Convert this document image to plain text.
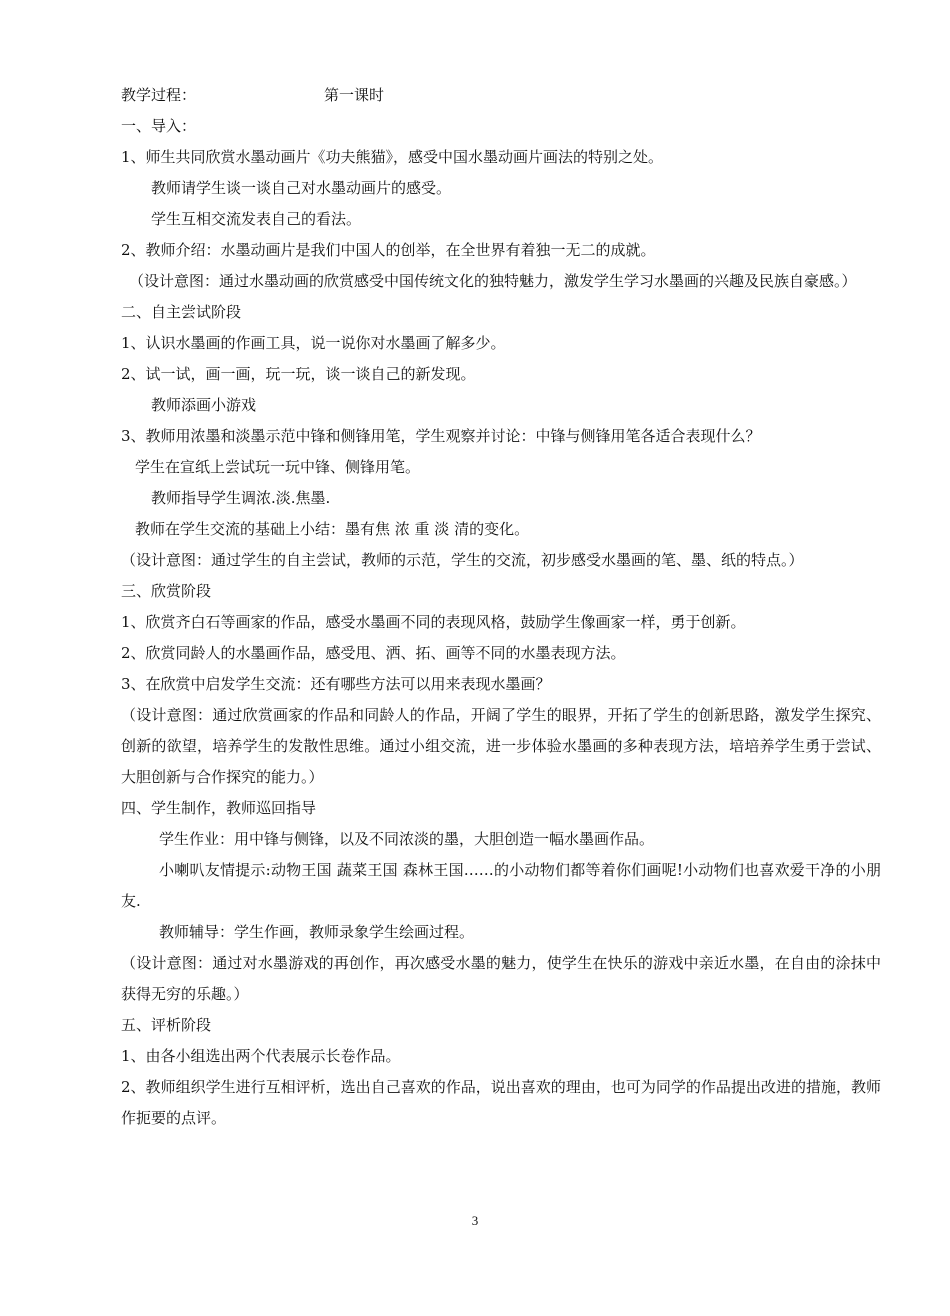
教学过程：	第一课时
一、导入：
1、师生共同欣赏水墨动画片《功夫熊猫》，感受中国水墨动画片画法的特别之处。
教师请学生谈一谈自己对水墨动画片的感受。
学生互相交流发表自己的看法。
2、教师介绍：水墨动画片是我们中国人的创举，在全世界有着独一无二的成就。
（设计意图：通过水墨动画的欣赏感受中国传统文化的独特魅力，激发学生学习水墨画的兴趣及民族自豪感。）
二、自主尝试阶段
1、认识水墨画的作画工具，说一说你对水墨画了解多少。
2、试一试，画一画，玩一玩，谈一谈自己的新发现。
教师添画小游戏
3、教师用浓墨和淡墨示范中锋和侧锋用笔，学生观察并讨论：中锋与侧锋用笔各适合表现什么？
学生在宣纸上尝试玩一玩中锋、侧锋用笔。
教师指导学生调浓.淡.焦墨.
教师在学生交流的基础上小结：墨有焦 浓 重 淡 清的变化。
（设计意图：通过学生的自主尝试，教师的示范，学生的交流，初步感受水墨画的笔、墨、纸的特点。）
三、欣赏阶段
1、欣赏齐白石等画家的作品，感受水墨画不同的表现风格，鼓励学生像画家一样，勇于创新。
2、欣赏同龄人的水墨画作品，感受甩、洒、拓、画等不同的水墨表现方法。
3、在欣赏中启发学生交流：还有哪些方法可以用来表现水墨画？
（设计意图：通过欣赏画家的作品和同龄人的作品，开阔了学生的眼界，开拓了学生的创新思路，激发学生探究、创新的欲望，培养学生的发散性思维。通过小组交流，进一步体验水墨画的多种表现方法，培培养学生勇于尝试、大胆创新与合作探究的能力。）
四、学生制作，教师巡回指导
学生作业：用中锋与侧锋，以及不同浓淡的墨，大胆创造一幅水墨画作品。
小喇叭友情提示:动物王国 蔬菜王国 森林王国……的小动物们都等着你们画呢!小动物们也喜欢爱干净的小朋友.
教师辅导：学生作画，教师录象学生绘画过程。
（设计意图：通过对水墨游戏的再创作，再次感受水墨的魅力，使学生在快乐的游戏中亲近水墨，在自由的涂抹中获得无穷的乐趣。）
五、评析阶段
1、由各小组选出两个代表展示长卷作品。
2、教师组织学生进行互相评析，选出自己喜欢的作品，说出喜欢的理由，也可为同学的作品提出改进的措施，教师作扼要的点评。
3
